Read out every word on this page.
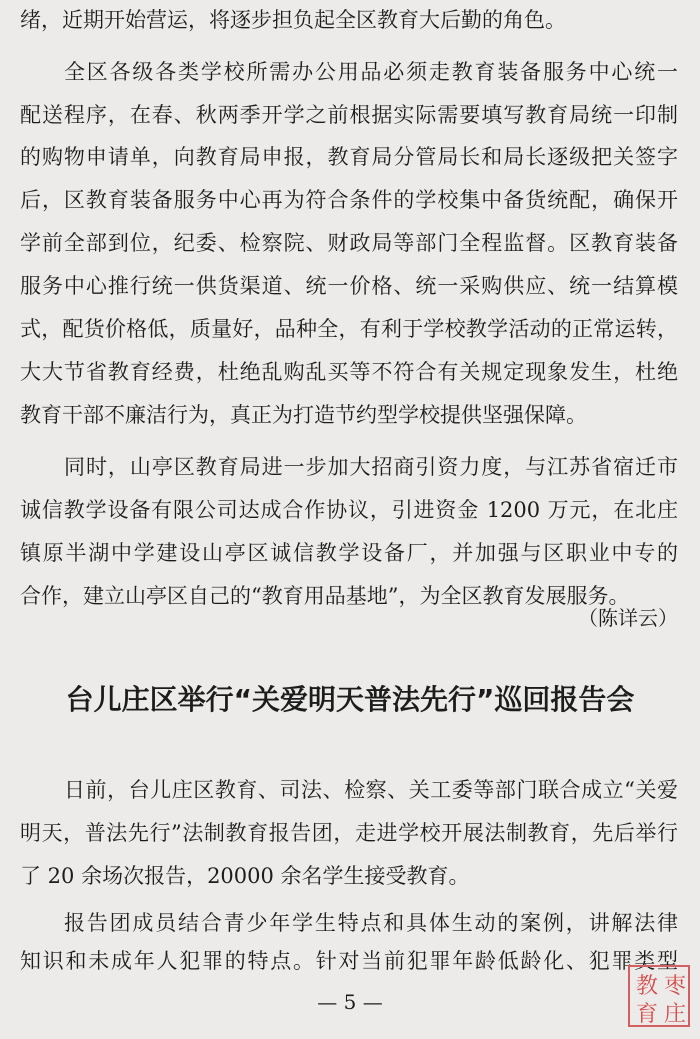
绪，近期开始营运，将逐步担负起全区教育大后勤的角色。
全区各级各类学校所需办公用品必须走教育装备服务中心统一
配送程序，在春、秋两季开学之前根据实际需要填写教育局统一印制
的购物申请单，向教育局申报，教育局分管局长和局长逐级把关签字
后，区教育装备服务中心再为符合条件的学校集中备货统配，确保开
学前全部到位，纪委、检察院、财政局等部门全程监督。区教育装备
服务中心推行统一供货渠道、统一价格、统一采购供应、统一结算模
式，配货价格低，质量好，品种全，有利于学校教学活动的正常运转，
大大节省教育经费，杜绝乱购乱买等不符合有关规定现象发生，杜绝
教育干部不廉洁行为，真正为打造节约型学校提供坚强保障。
同时，山亭区教育局进一步加大招商引资力度，与江苏省宿迁市
诚信教学设备有限公司达成合作协议，引进资金 1200 万元，在北庄
镇原半湖中学建设山亭区诚信教学设备厂，并加强与区职业中专的
合作，建立山亭区自己的“教育用品基地”，为全区教育发展服务。
（陈详云）
台儿庄区举行“关爱明天普法先行”巡回报告会
日前，台儿庄区教育、司法、检察、关工委等部门联合成立“关爱
明天，普法先行”法制教育报告团，走进学校开展法制教育，先后举行
了 20 余场次报告，20000 余名学生接受教育。
报告团成员结合青少年学生特点和具体生动的案例，讲解法律
知识和未成年人犯罪的特点。针对当前犯罪年龄低龄化、犯罪类型
— 5 —
枣
庄
教
育
